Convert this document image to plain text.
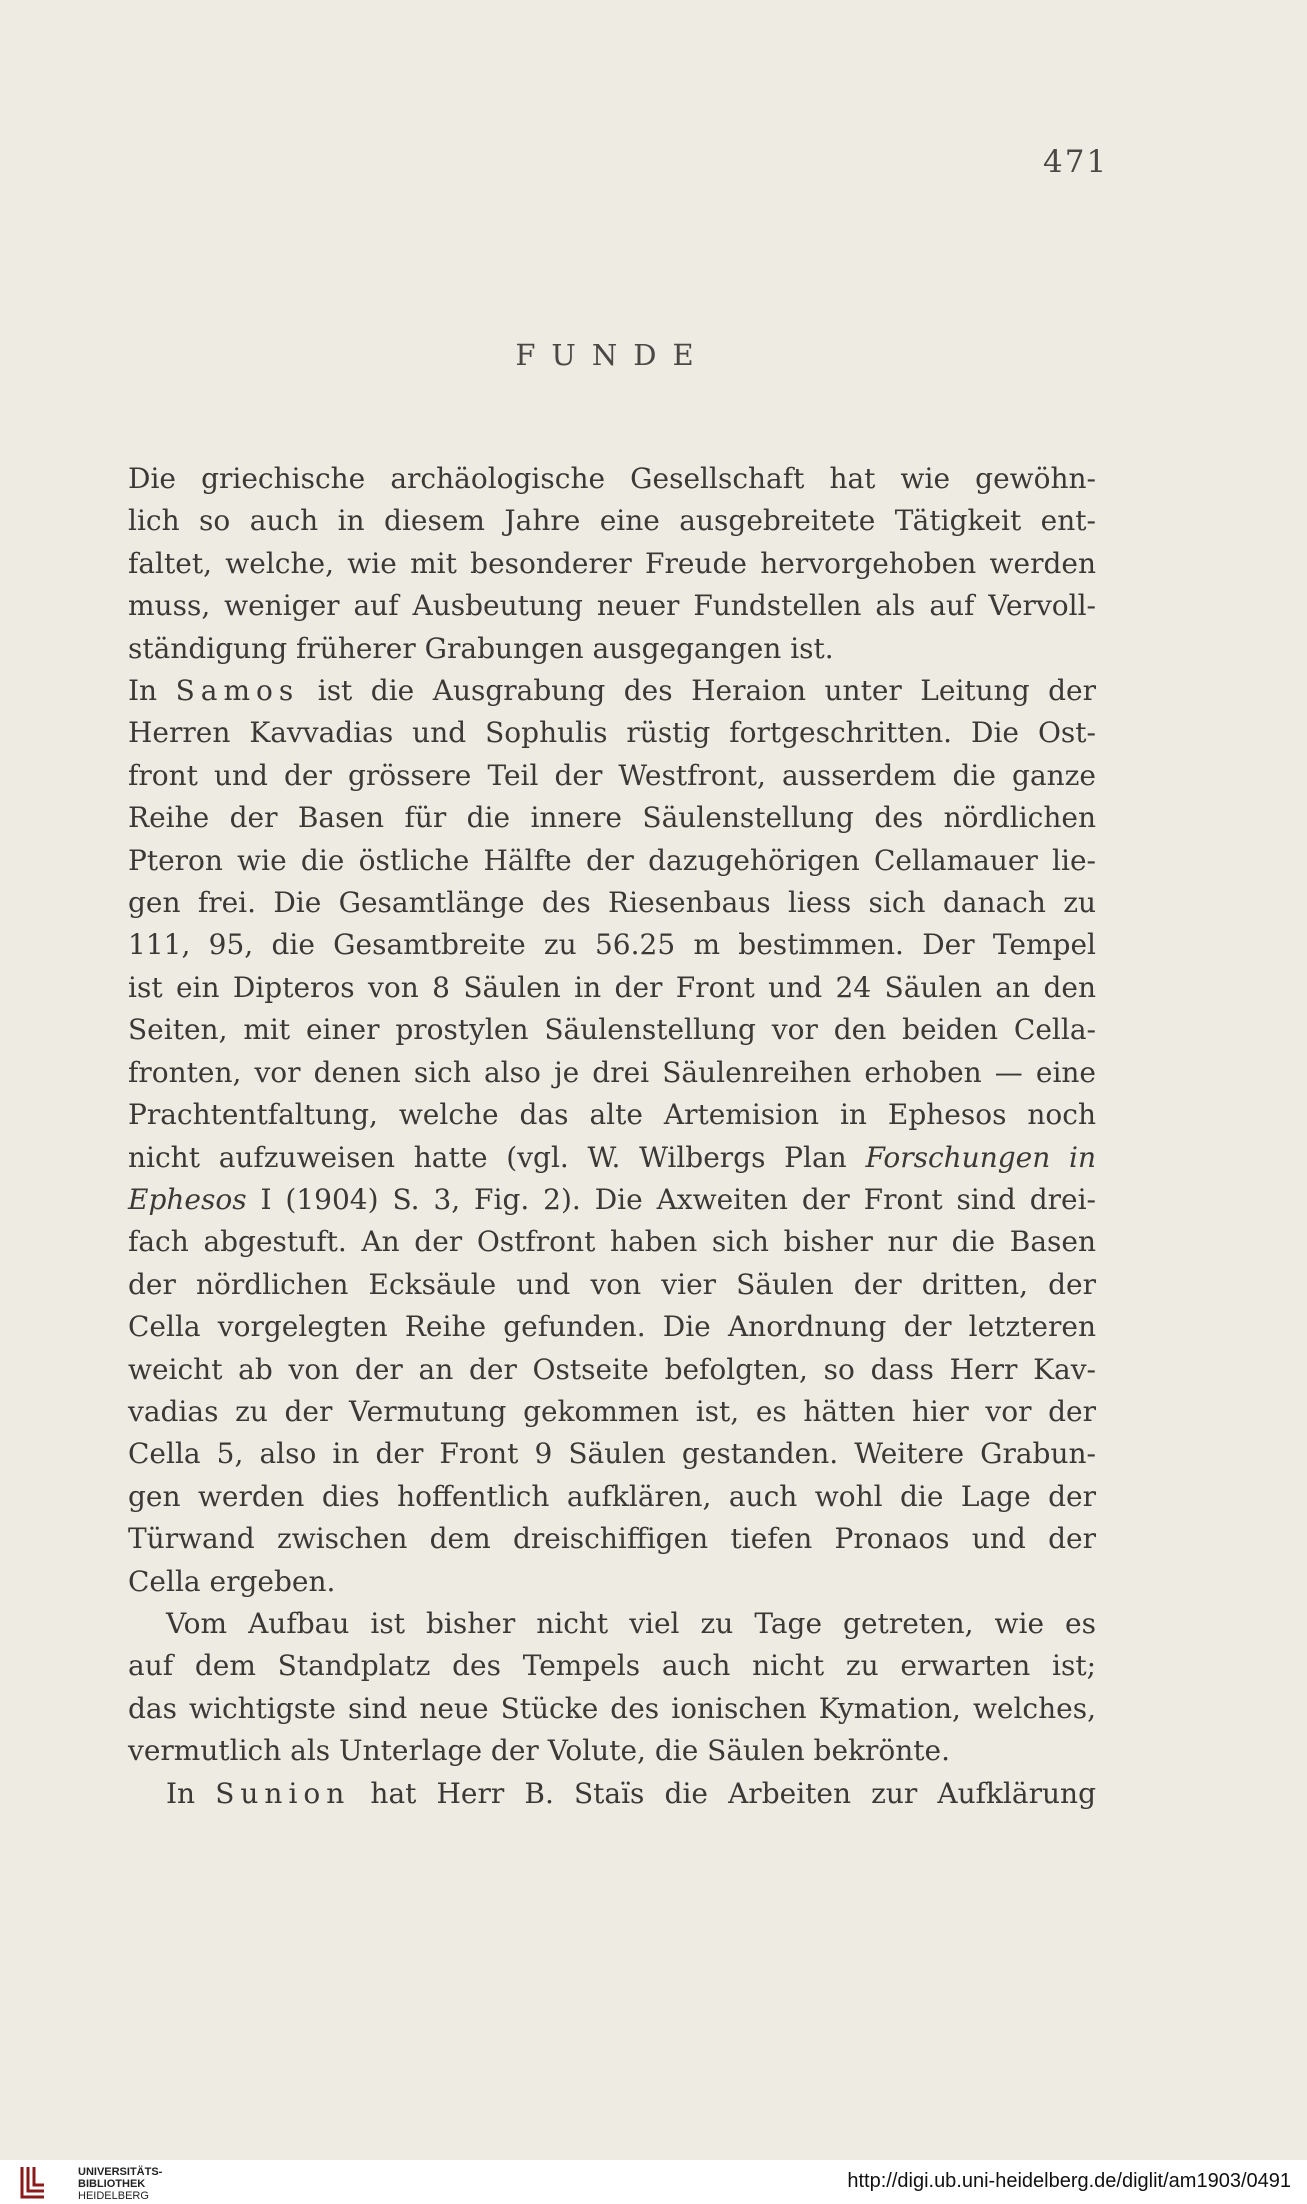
471
FUNDE
Die griechische archäologische Gesellschaft hat wie gewöhn-
lich so auch in diesem Jahre eine ausgebreitete Tätigkeit ent-
faltet, welche, wie mit besonderer Freude hervorgehoben werden
muss, weniger auf Ausbeutung neuer Fundstellen als auf Vervoll-
ständigung früherer Grabungen ausgegangen ist.
In Samos ist die Ausgrabung des Heraion unter Leitung der
Herren Kavvadias und Sophulis rüstig fortgeschritten. Die Ost-
front und der grössere Teil der Westfront, ausserdem die ganze
Reihe der Basen für die innere Säulenstellung des nördlichen
Pteron wie die östliche Hälfte der dazugehörigen Cellamauer lie-
gen frei. Die Gesamtlänge des Riesenbaus liess sich danach zu
111, 95, die Gesamtbreite zu 56.25 m bestimmen. Der Tempel
ist ein Dipteros von 8 Säulen in der Front und 24 Säulen an den
Seiten, mit einer prostylen Säulenstellung vor den beiden Cella-
fronten, vor denen sich also je drei Säulenreihen erhoben — eine
Prachtentfaltung, welche das alte Artemision in Ephesos noch
nicht aufzuweisen hatte (vgl. W. Wilbergs Plan Forschungen in
Ephesos I (1904) S. 3, Fig. 2). Die Axweiten der Front sind drei-
fach abgestuft. An der Ostfront haben sich bisher nur die Basen
der nördlichen Ecksäule und von vier Säulen der dritten, der
Cella vorgelegten Reihe gefunden. Die Anordnung der letzteren
weicht ab von der an der Ostseite befolgten, so dass Herr Kav-
vadias zu der Vermutung gekommen ist, es hätten hier vor der
Cella 5, also in der Front 9 Säulen gestanden. Weitere Grabun-
gen werden dies hoffentlich aufklären, auch wohl die Lage der
Türwand zwischen dem dreischiffigen tiefen Pronaos und der
Cella ergeben.
Vom Aufbau ist bisher nicht viel zu Tage getreten, wie es
auf dem Standplatz des Tempels auch nicht zu erwarten ist;
das wichtigste sind neue Stücke des ionischen Kymation, welches,
vermutlich als Unterlage der Volute, die Säulen bekrönte.
In Sunion hat Herr B. Staïs die Arbeiten zur Aufklärung
UNIVERSITÄTS-
BIBLIOTHEK
HEIDELBERG
http://digi.ub.uni-heidelberg.de/diglit/am1903/0491
